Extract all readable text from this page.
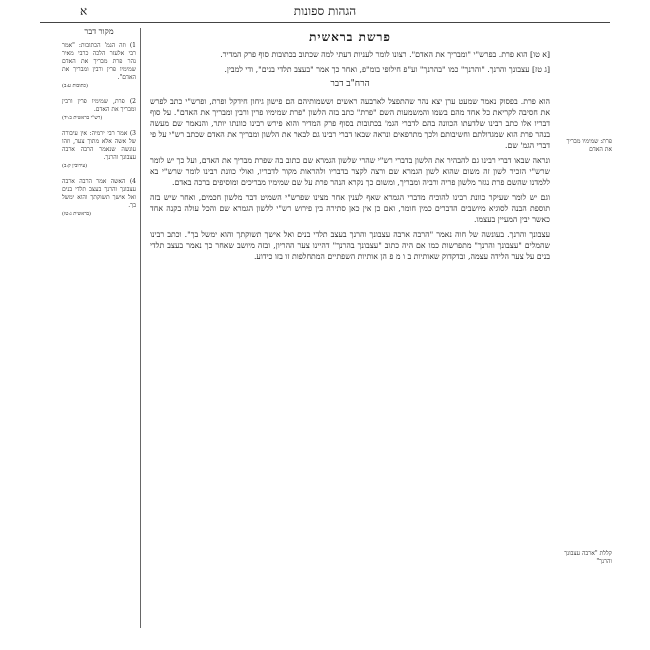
הגהות ספונות
א
פרשת בראשית
[א טו] הוא פרת. בפרש"י "ומבריך את האדם". רצונו לומר לעניות דעתי למה שכתוב בכתובות סוף פרק המדיר.
[ג טז] עצבונך והרנך. "והרנך" כמו "בהרנך" וע"פ חילופי בומ"פ, ואחר כך אמר "בעצב תלדי בנים", ודי למבין.
הרח"ב דבר
הוא פרת. בפסוק נאמר שמעט ערן יצא נהר שהתפצל לארבעה ראשים וששמותיהם הם פישון גיחון חידקל ופרת, ופרש"י כתב לפרש את חסיבה לקריאת כל אחד מהם בשמו והמשמעות השם "פרת" כתב בזה הלשון "פרת שמימיו פרין ורבין ומבריך את האדם". על סוף דבריו אלו כתב רבינו שלדעתו הכוונה בהם לדברי הגמ' בכתובות בסוף פרק המדיר והוא פירש רבינו כוונתו יותר, והנאמר שם מעשה בנהר פרת הוא שמגדולתם וחשיבותם ולכך מתרפאים ונראה שבאו דברי רבינו גם לבאר את הלשון ומבריך את האדם שכתב רש"י על פי דברי הגמ' שם.
ונראה שבאו דברי רבינו גם להבהיר את הלשון בדברי רש"י שהרי שלשון הגמרא שם כתוב בה שפרת מבריך את האדם, ועל כך יש לומר שרש"י הזכיר לשון זה משום שהוא לשון הגמרא שם ורצה לקצר בדבריו ולהראות מקור לדבריו, ואולי כוונת רבינו לומר שרש"י בא ללמדנו שהשם פרת נגזר מלשון פריה ורביה ומבריך, ומשום כך נקרא הנהר פרת על שם שמימיו מבריכים ומוסיפים ברכה באדם.
וגם יש לומר שעיקר כוונת רבינו להוכיח מדברי הגמרא שאף לענין אחר מצינו שפרש"י השמיט דבר מלשון חכמים, ואחר שיש בזה תוספת הבנה לסוגיא מיושבים הדברים כמין חומר, ואם כן אין כאן סתירה בין פירוש רש"י ללשון הגמרא שם והכל עולה בקנה אחד כאשר יבין המעיין בעצמו.
עצבונך והרנך. בעונשה של חוה נאמר "הרבה ארבה עצבונך והרנך בעצב תלדי בנים ואל אישך תשוקתך והוא ימשל בך". וכתב רבינו שהמלים "עצבונך והרנך" מתפרשות כמו אם היה כתוב "עצבונך בהרנך" דהיינו צער ההריון, ובזה מיושב שאחר כך נאמר בעצב תלדי בנים על צער הלידה עצמה, ובדקדוק שאותיות ב ו מ פ הן אותיות השפתיים המתחלפות זו בזו כידוע.
מקור דבר
1) וזה הגמ' הכתובות: "אמר רבי אלעזר הלכה כרבי מאיר נהר פרת מבריך את האדם שמימיו פרין ורבין ומבריך את האדם".
(כתובות ע:ב)
2) פרת, שמימיו פרין ורבין ומבריך את האדם.
(רש"י בראשית ב:יד)
3) אמר רבי ירמיה: אין עיבורה של אשה אלא מתוך צער, וזהו עונשה שנאמר הרבה ארבה עצבונך והרנך.
(עירובין ק:ב)
4) האשה אמר הרבה ארבה עצבונך והרנך בעצב תלדי בנים ואל אישך תשוקתך והוא ימשל בך.
(בראשית ג:טז)
פרת: שמימיו מבריך את האדם
קללת "ארבה עצבונך והרנך"
